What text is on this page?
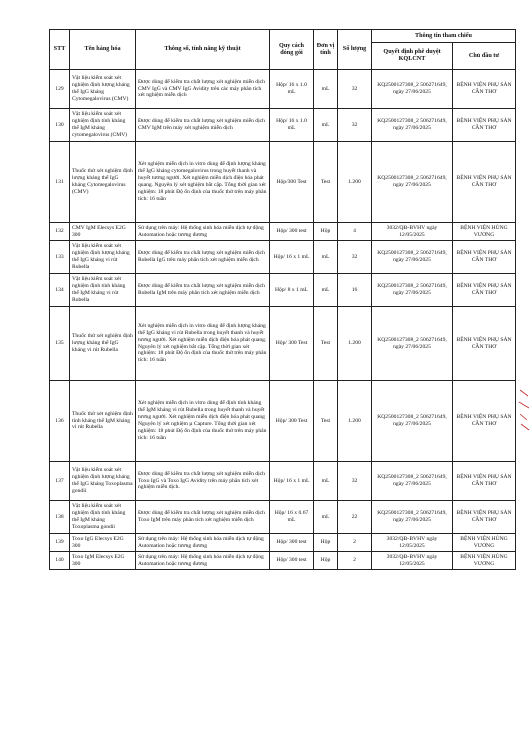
STT	Tên hàng hóa	Thông số, tính năng kỹ thuật	Quy cách đóng gói	Đơn vị tính	Số lượng	Thông tin tham chiếu	
						Quyết định phê duyệt KQLCNT	Chủ đầu tư
129	Vật liệu kiểm soát xét nghiệm định lượng kháng thể IgG kháng Cytomegalovirus (CMV)	Được dùng để kiểm tra chất lượng xét nghiệm miễn dịch CMV IgG và CMV IgG Avidity trên các máy phân tích xét nghiệm miễn dịch	Hộp/ 16 x 1.0 mL	mL	32	KQ2500127308_2 506271649, ngày 27/06/2025	BỆNH VIỆN PHỤ SẢN CẦN THƠ
130	Vật liệu kiểm soát xét nghiệm định tính kháng thể IgM kháng cytomegalovirus (CMV)	Được dùng để kiểm tra chất lượng xét nghiệm miễn dịch CMV IgM trên máy xét nghiệm miễn dịch	Hộp/ 16 x 1.0 mL	mL	32	KQ2500127308_2 506271649, ngày 27/06/2025	BỆNH VIỆN PHỤ SẢN CẦN THƠ
131	Thuốc thử xét nghiệm định lượng kháng thể IgG kháng Cytomegalovirus (CMV)	Xét nghiệm miễn dịch in vitro dùng để định lượng kháng thể IgG kháng cytomegalovirus trong huyết thanh và huyết tương người. Xét nghiệm miễn dịch điện hóa phát quang. Nguyên lý xét nghiệm bắt cặp. Tổng thời gian xét nghiệm: 18 phút Độ ổn định của thuốc thử trên máy phân tích: 16 tuần	Hộp/300 Test	Test	1.200	KQ2500127308_2 506271649, ngày 27/06/2025	BỆNH VIỆN PHỤ SẢN CẦN THƠ
132	CMV IgM Elecsys E2G 300	Sử dụng trên máy: Hệ thống sinh hóa miễn dịch tự động Automation hoặc tương đương	Hộp/ 300 test	Hộp	4	3032/QĐ-BVHV ngày 12/05/2025	BỆNH VIỆN HÙNG VƯƠNG
133	Vật liệu kiểm soát xét nghiệm định lượng kháng thể IgG kháng vi rút Rubella	Được dùng để kiểm tra chất lượng xét nghiệm miễn dịch Rubella IgG trên máy phân tích xét nghiệm miễn dịch	Hộp/ 16 x 1 mL	mL	32	KQ2500127308_2 506271649, ngày 27/06/2025	BỆNH VIỆN PHỤ SẢN CẦN THƠ
134	Vật liệu kiểm soát xét nghiệm định tính kháng thể IgM kháng vi rút Rubella	Được dùng để kiểm tra chất lượng xét nghiệm miễn dịch Rubella IgM trên máy phân tích xét nghiệm miễn dịch	Hộp/ 8 x 1 mL	mL	16	KQ2500127308_2 506271649, ngày 27/06/2025	BỆNH VIỆN PHỤ SẢN CẦN THƠ
135	Thuốc thử xét nghiệm định lượng kháng thể IgG kháng vi rút Rubella	Xét nghiệm miễn dịch in vitro dùng để định lượng kháng thể IgG kháng vi rút Rubella trong huyết thanh và huyết tương người. Xét nghiệm miễn dịch điện hóa phát quang. Nguyên lý xét nghiệm bắt cặp. Tổng thời gian xét nghiệm: 18 phút Độ ổn định của thuốc thử trên máy phân tích: 16 tuần	Hộp/ 300 Test	Test	1.200	KQ2500127308_2 506271649, ngày 27/06/2025	BỆNH VIỆN PHỤ SẢN CẦN THƠ
136	Thuốc thử xét nghiệm định tính kháng thể IgM kháng vi rút Rubella	Xét nghiệm miễn dịch in vitro dùng để định tính kháng thể IgM kháng vi rút Rubella trong huyết thanh và huyết tương người. Xét nghiệm miễn dịch điện hóa phát quang Nguyên lý xét nghiệm µ Capture. Tổng thời gian xét nghiệm: 18 phút Độ ổn định của thuốc thử trên máy phân tích: 16 tuần	Hộp/ 300 Test	Test	1.200	KQ2500127308_2 506271649, ngày 27/06/2025	BỆNH VIỆN PHỤ SẢN CẦN THƠ
137	Vật liệu kiểm soát xét nghiệm định lượng kháng thể IgG kháng Toxoplasma gondii	Được dùng để kiểm tra chất lượng xét nghiệm miễn dịch Toxo IgG và Toxo IgG Avidity trên máy phân tích xét nghiệm miễn dịch.	Hộp/ 16 x 1 mL	mL	32	KQ2500127308_2 506271649, ngày 27/06/2025	BỆNH VIỆN PHỤ SẢN CẦN THƠ
138	Vật liệu kiểm soát xét nghiệm định tính kháng thể IgM kháng Toxoplasma gondii	Được dùng để kiểm tra chất lượng xét nghiệm miễn dịch Toxo IgM trên máy phân tích xét nghiệm miễn dịch	Hộp/ 16 x 0.67 mL	mL	22	KQ2500127308_2 506271649, ngày 27/06/2025	BỆNH VIỆN PHỤ SẢN CẦN THƠ
139	Toxo IgG Elecsys E2G 300	Sử dụng trên máy: Hệ thống sinh hóa miễn dịch tự động Automation hoặc tương đương	Hộp/ 300 test	Hộp	2	3032/QĐ-BVHV ngày 12/05/2025	BỆNH VIỆN HÙNG VƯƠNG
140	Toxo IgM Elecsys E2G 300	Sử dụng trên máy: Hệ thống sinh hóa miễn dịch tự động Automation hoặc tương đương	Hộp/ 300 test	Hộp	2	3032/QĐ-BVHV ngày 12/05/2025	BỆNH VIỆN HÙNG VƯƠNG
